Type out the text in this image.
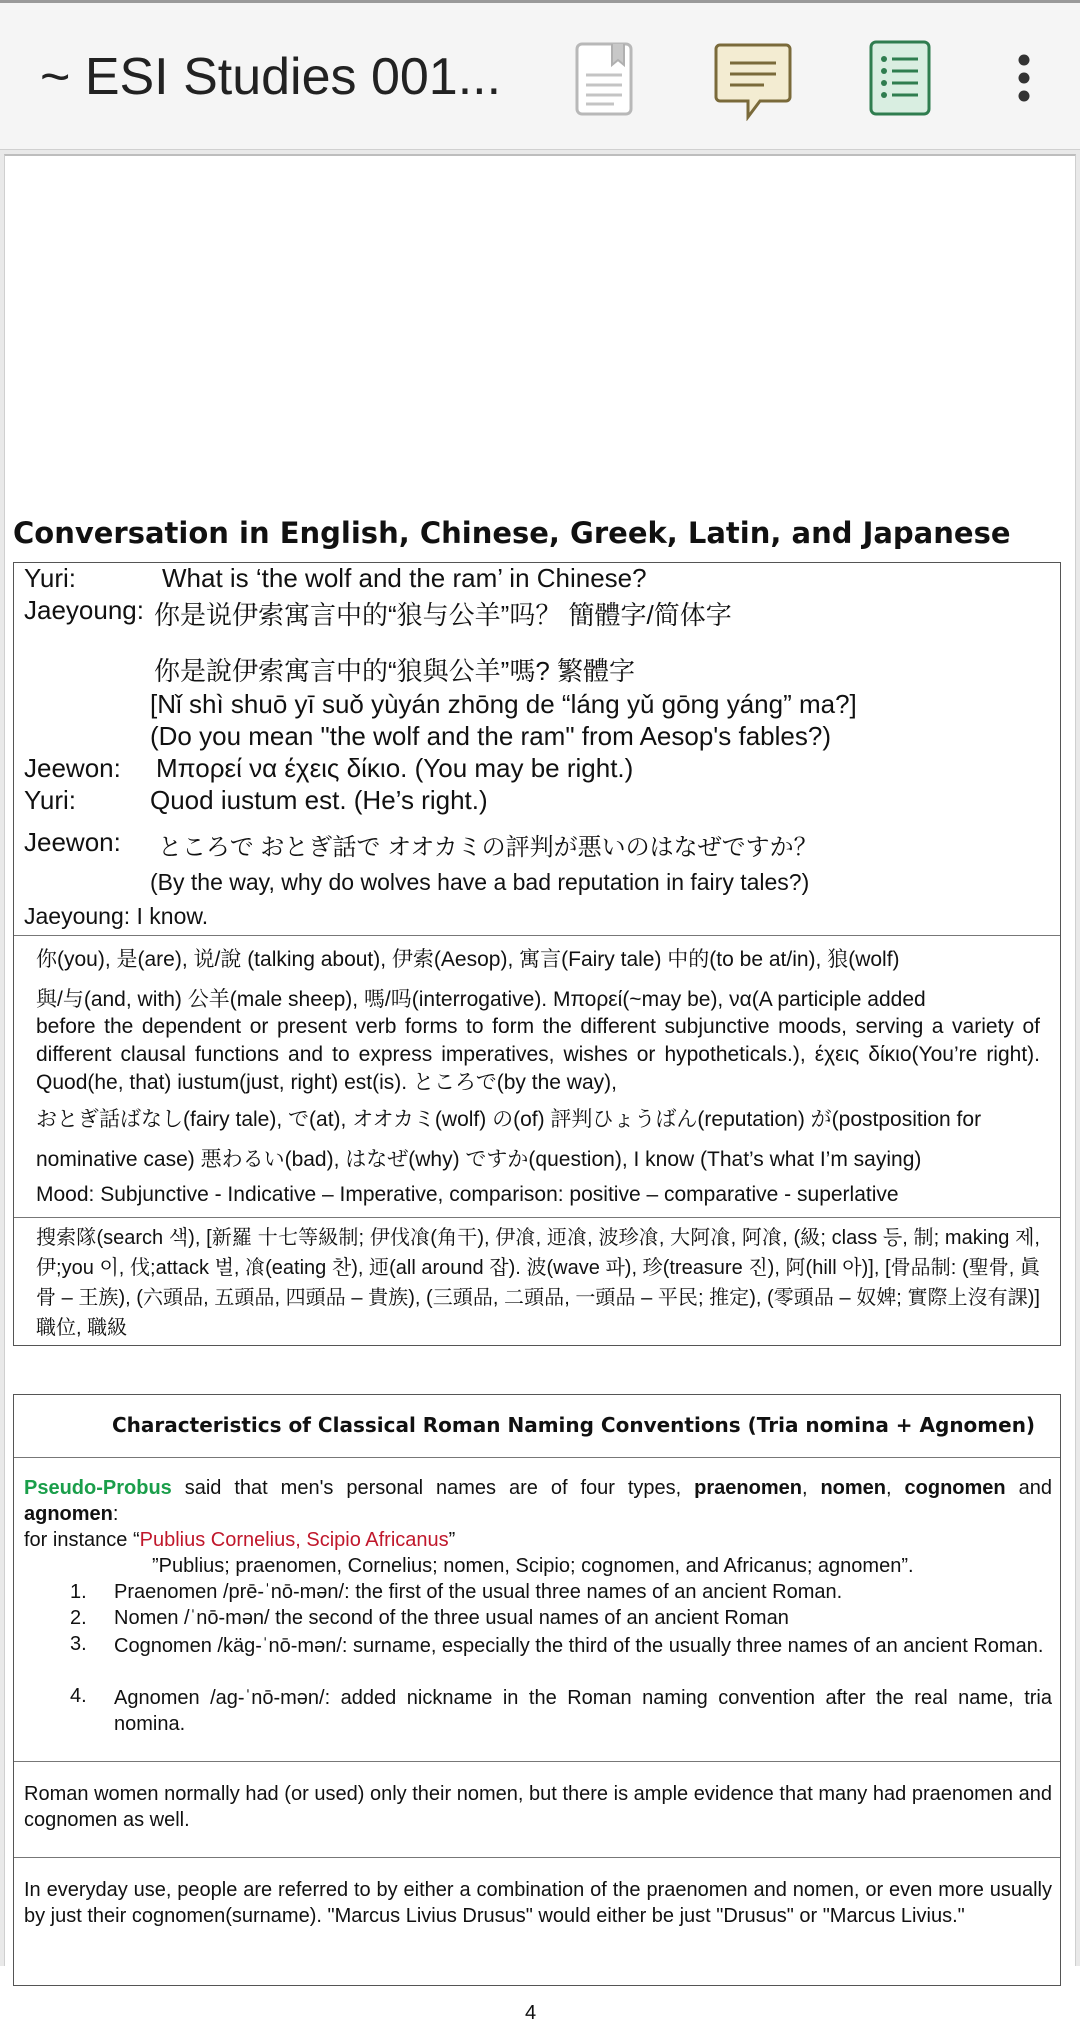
~ ESI Studies 001...
Conversation in English, Chinese, Greek, Latin, and Japanese
Yuri:	What is ‘the wolf and the ram’ in Chinese?
Jaeyoung: 你是说伊索寓言中的“狼与公羊”吗？ 簡體字/简体字
你是說伊索寓言中的“狼與公羊”嗎? 繁體字
[Nǐ shì shuō yī suǒ yùyán zhōng de “láng yǔ gōng yáng” ma?]
(Do you mean "the wolf and the ram" from Aesop's fables?)
Jeewon: Μπορεί να έχεις δίκιο. (You may be right.)
Yuri:	Quod iustum est. (He’s right.)
Jeewon: ところで おとぎ話で オオカミの評判が悪いのはなぜですか？
(By the way, why do wolves have a bad reputation in fairy tales?)
Jaeyoung: I know.
你(you), 是(are), 说/說 (talking about), 伊索(Aesop), 寓言(Fairy tale) 中的(to be at/in), 狼(wolf)
與/与(and, with) 公羊(male sheep), 嗎/吗(interrogative). Μπορεί(~may be), να(A participle added
before the dependent or present verb forms to form the different subjunctive moods, serving a variety of different clausal functions and to express imperatives, wishes or hypotheticals.), έχεις δίκιο(You’re right). Quod(he, that) iustum(just, right) est(is). ところで(by the way),
おとぎ話ばなし(fairy tale), で(at), オオカミ(wolf) の(of) 評判ひょうばん(reputation) が(postposition for
nominative case) 悪わるい(bad), はなぜ(why) ですか(question), I know (That’s what I’m saying)
Mood: Subjunctive - Indicative – Imperative, comparison: positive – comparative - superlative
搜索隊(search 색), [新羅 十七等級制; 伊伐飡(角干), 伊飡, 迊飡, 波珍飡, 大阿飡, 阿飡, (級; class 등, 制; making 제, 伊;you 이, 伐;attack 벌, 飡(eating 찬), 迊(all around 잡). 波(wave 파), 珍(treasure 진), 阿(hill 아)], [骨品制: (聖骨, 眞骨 – 王族), (六頭品, 五頭品, 四頭品 – 貴族), (三頭品, 二頭品, 一頭品 – 平民; 推定), (零頭品 – 奴婢; 實際上沒有課)] 職位, 職級
Characteristics of Classical Roman Naming Conventions (Tria nomina + Agnomen)
Pseudo-Probus said that men's personal names are of four types, praenomen, nomen, cognomen and agnomen:
for instance “Publius Cornelius, Scipio Africanus”
”Publius; praenomen, Cornelius; nomen, Scipio; cognomen, and Africanus; agnomen”.
1. Praenomen /prē-ˈnō-mən/: the first of the usual three names of an ancient Roman.
2. Nomen /ˈnō-mən/ the second of the three usual names of an ancient Roman
3. Cognomen /käg-ˈnō-mən/: surname, especially the third of the usually three names of an ancient Roman.
4. Agnomen /ag-ˈnō-mən/: added nickname in the Roman naming convention after the real name, tria nomina.
Roman women normally had (or used) only their nomen, but there is ample evidence that many had praenomen and cognomen as well.
In everyday use, people are referred to by either a combination of the praenomen and nomen, or even more usually by just their cognomen(surname). "Marcus Livius Drusus" would either be just "Drusus" or "Marcus Livius."
4
